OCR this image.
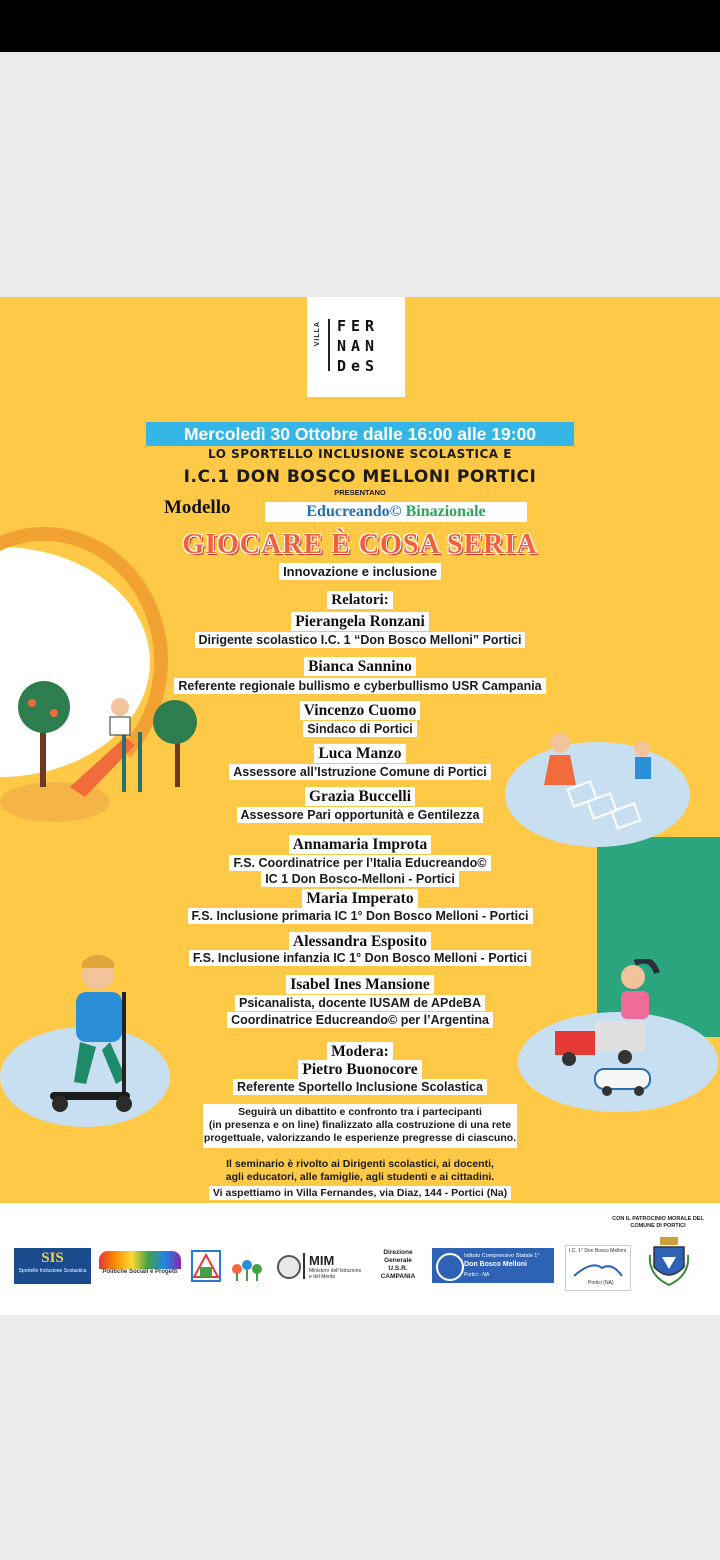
VILLA FER
NAN
DeS
Mercoledì 30 Ottobre dalle 16:00 alle 19:00
LO SPORTELLO INCLUSIONE SCOLASTICA E
I.C.1 DON BOSCO MELLONI PORTICI
PRESENTANO
Modello	Educreando© Binazionale
GIOCARE È COSA SERIA
Innovazione e inclusione
Relatori:
Pierangela Ronzani
Dirigente scolastico I.C. 1 “Don Bosco Melloni” Portici
Bianca Sannino
Referente regionale bullismo e cyberbullismo USR Campania
Vincenzo Cuomo
Sindaco di Portici
Luca Manzo
Assessore all’Istruzione Comune di Portici
Grazia Buccelli
Assessore Pari opportunità e Gentilezza
Annamaria Improta
F.S. Coordinatrice per l’Italia Educreando©
IC 1 Don Bosco-Melloni - Portici
Maria Imperato
F.S. Inclusione primaria IC 1° Don Bosco Melloni - Portici
Alessandra Esposito
F.S. Inclusione infanzia IC 1° Don Bosco Melloni - Portici
Isabel Ines Mansione
Psicanalista, docente IUSAM de APdeBA
Coordinatrice Educreando© per l’Argentina
Modera:
Pietro Buonocore
Referente Sportello Inclusione Scolastica
Seguirà un dibattito e confronto tra i partecipanti
(in presenza e on line) finalizzato alla costruzione di una rete
progettuale, valorizzando le esperienze pregresse di ciascuno.
Il seminario è rivolto ai Dirigenti scolastici, ai docenti,
agli educatori, alle famiglie, agli studenti e ai cittadini.
Vi aspettiamo in Villa Fernandes, via Diaz, 144 - Portici (Na)
CON IL PATROCINIO MORALE DEL
COMUNE DI PORTICI
SIS
Sportello Inclusione Scolastica	Politiche Sociali e Progetti
MIM
Ministero dell’Istruzione
e del Merito
Direzione
Generale
U.S.R.
CAMPANIA
Istituto Comprensivo Statale 1°
Don Bosco Melloni
Portici - NA
I.C. 1° Don Bosco Melloni
Portici (NA)
